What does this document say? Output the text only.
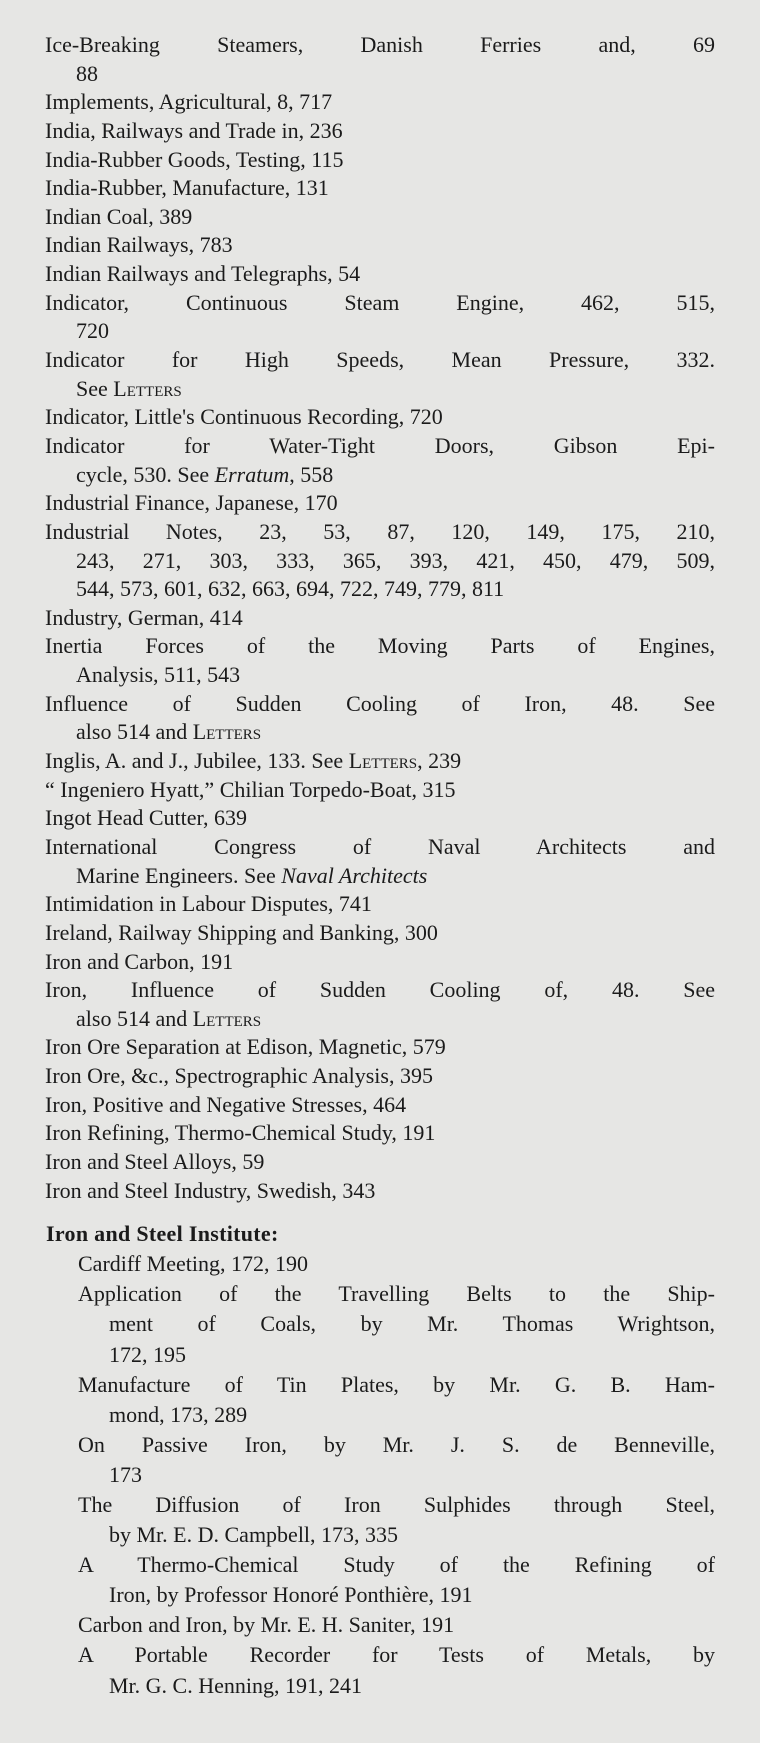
Ice-Breaking Steamers, Danish Ferries and, 69
88
Implements, Agricultural, 8, 717
India, Railways and Trade in, 236
India-Rubber Goods, Testing, 115
India-Rubber, Manufacture, 131
Indian Coal, 389
Indian Railways, 783
Indian Railways and Telegraphs, 54
Indicator, Continuous Steam Engine, 462, 515,
720
Indicator for High Speeds, Mean Pressure, 332.
See Letters
Indicator, Little's Continuous Recording, 720
Indicator for Water-Tight Doors, Gibson Epi-
cycle, 530. See Erratum, 558
Industrial Finance, Japanese, 170
Industrial Notes, 23, 53, 87, 120, 149, 175, 210,
243, 271, 303, 333, 365, 393, 421, 450, 479, 509,
544, 573, 601, 632, 663, 694, 722, 749, 779, 811
Industry, German, 414
Inertia Forces of the Moving Parts of Engines,
Analysis, 511, 543
Influence of Sudden Cooling of Iron, 48. See
also 514 and Letters
Inglis, A. and J., Jubilee, 133. See Letters, 239
“ Ingeniero Hyatt,” Chilian Torpedo-Boat, 315
Ingot Head Cutter, 639
International Congress of Naval Architects and
Marine Engineers. See Naval Architects
Intimidation in Labour Disputes, 741
Ireland, Railway Shipping and Banking, 300
Iron and Carbon, 191
Iron, Influence of Sudden Cooling of, 48. See
also 514 and Letters
Iron Ore Separation at Edison, Magnetic, 579
Iron Ore, &c., Spectrographic Analysis, 395
Iron, Positive and Negative Stresses, 464
Iron Refining, Thermo-Chemical Study, 191
Iron and Steel Alloys, 59
Iron and Steel Industry, Swedish, 343
Iron and Steel Institute:
Cardiff Meeting, 172, 190
Application of the Travelling Belts to the Ship-
ment of Coals, by Mr. Thomas Wrightson,
172, 195
Manufacture of Tin Plates, by Mr. G. B. Ham-
mond, 173, 289
On Passive Iron, by Mr. J. S. de Benneville,
173
The Diffusion of Iron Sulphides through Steel,
by Mr. E. D. Campbell, 173, 335
A Thermo-Chemical Study of the Refining of
Iron, by Professor Honoré Ponthière, 191
Carbon and Iron, by Mr. E. H. Saniter, 191
A Portable Recorder for Tests of Metals, by
Mr. G. C. Henning, 191, 241
